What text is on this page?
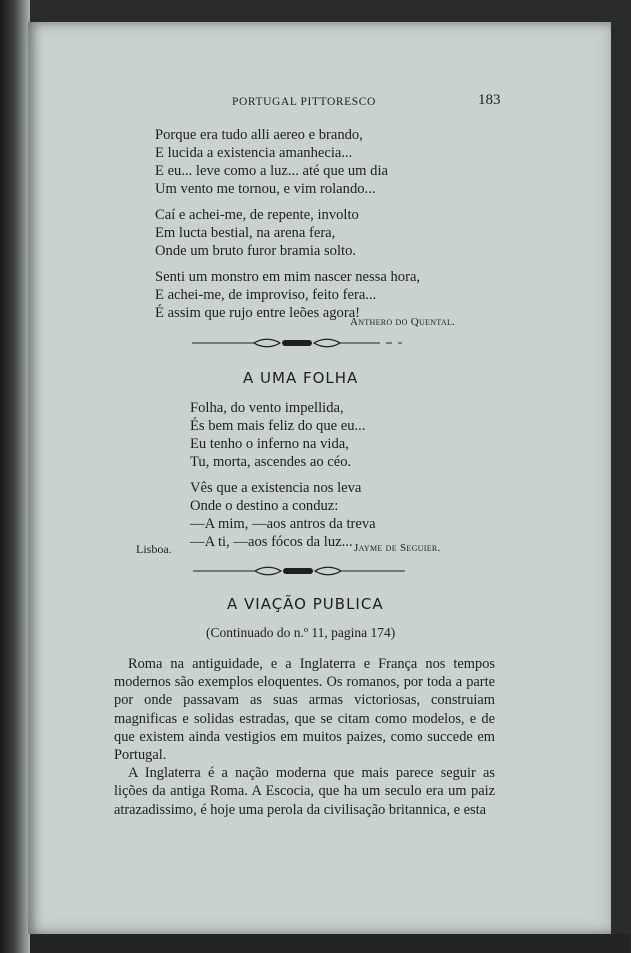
PORTUGAL PITTORESCO	183
Porque era tudo alli aereo e brando,
E lucida a existencia amanhecia...
E eu... leve como a luz... até que um dia
Um vento me tornou, e vim rolando...
Caí e achei-me, de repente, involto
Em lucta bestial, na arena fera,
Onde um bruto furor bramia solto.
Senti um monstro em mim nascer nessa hora,
E achei-me, de improviso, feito fera...
É assim que rujo entre leões agora!
Anthero do Quental.
A UMA FOLHA
Folha, do vento impellida,
És bem mais feliz do que eu...
Eu tenho o inferno na vida,
Tu, morta, ascendes ao céo.
Vês que a existencia nos leva
Onde o destino a conduz:
—A mim, —aos antros da treva
—A ti, —aos fócos da luz...
Lisboa.	Jayme de Seguier.
A VIAÇÃO PUBLICA
(Continuado do n.º 11, pagina 174)

Roma na antiguidade, e a Inglaterra e França nos tempos modernos são exemplos eloquentes. Os romanos, por toda a parte por onde passavam as suas armas victoriosas, construiam magnificas e solidas estradas, que se citam como modelos, e de que existem ainda vestigios em muitos paizes, como succede em Portugal.

A Inglaterra é a nação moderna que mais parece seguir as lições da antiga Roma. A Escocia, que ha um seculo era um paiz atrazadissimo, é hoje uma perola da civilisação britannica, e esta
